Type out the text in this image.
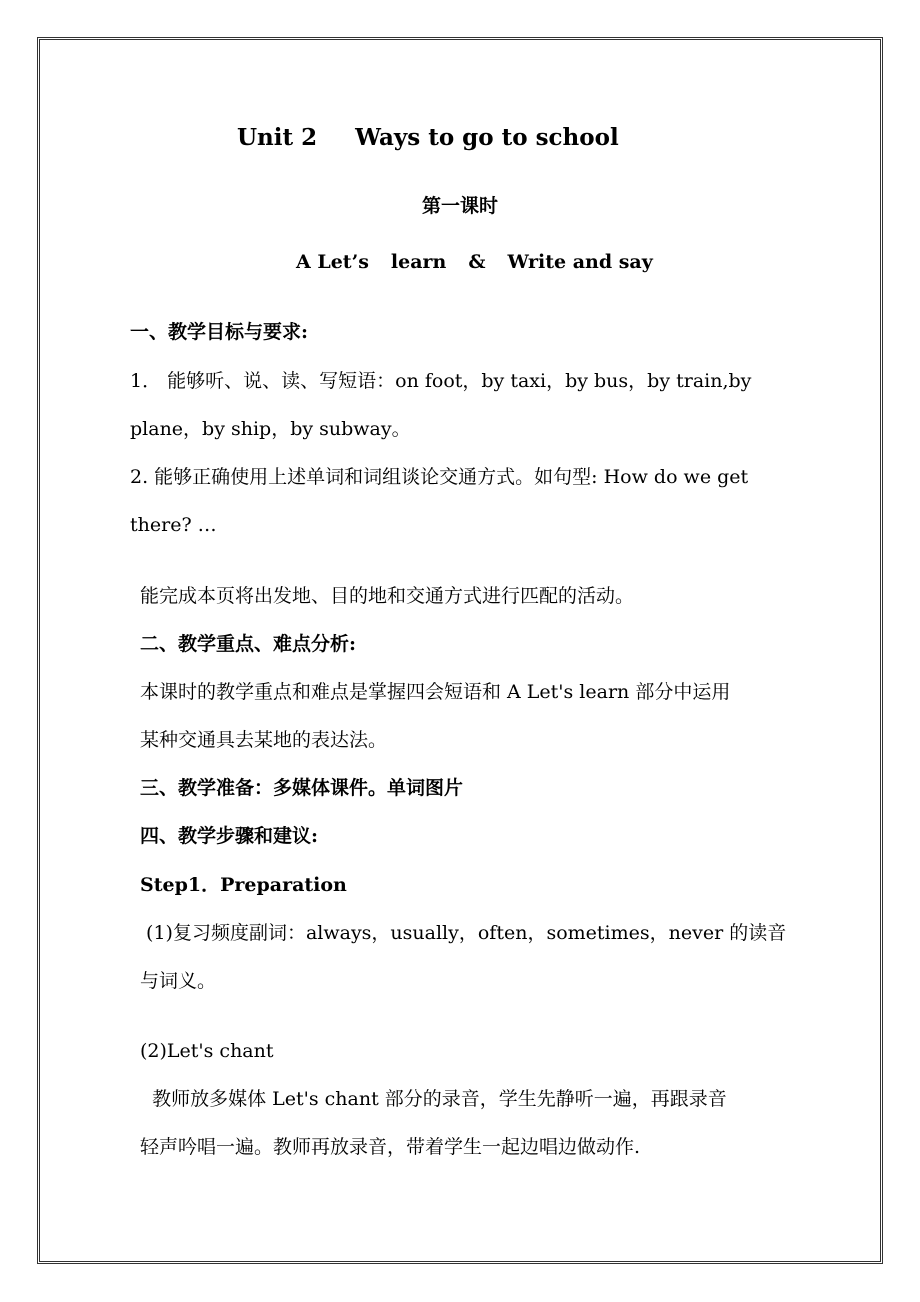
Unit 2 Ways to go to school
第一课时
A Let’s learn & Write and say
一、教学目标与要求:
1． 能够听、说、读、写短语：on foot，by taxi，by bus，by train,by
plane，by ship，by subway。
2. 能够正确使用上述单词和词组谈论交通方式。如句型: How do we get
there? …
能完成本页将出发地、目的地和交通方式进行匹配的活动。
二、教学重点、难点分析:
本课时的教学重点和难点是掌握四会短语和 A Let's learn 部分中运用
某种交通具去某地的表达法。
三、教学准备：多媒体课件。单词图片
四、教学步骤和建议:
Step1．Preparation
(1)复习频度副词：always，usually，often，sometimes，never 的读音
与词义。
(2)Let's chant
教师放多媒体 Let's chant 部分的录音，学生先静听一遍，再跟录音
轻声吟唱一遍。教师再放录音，带着学生一起边唱边做动作.
